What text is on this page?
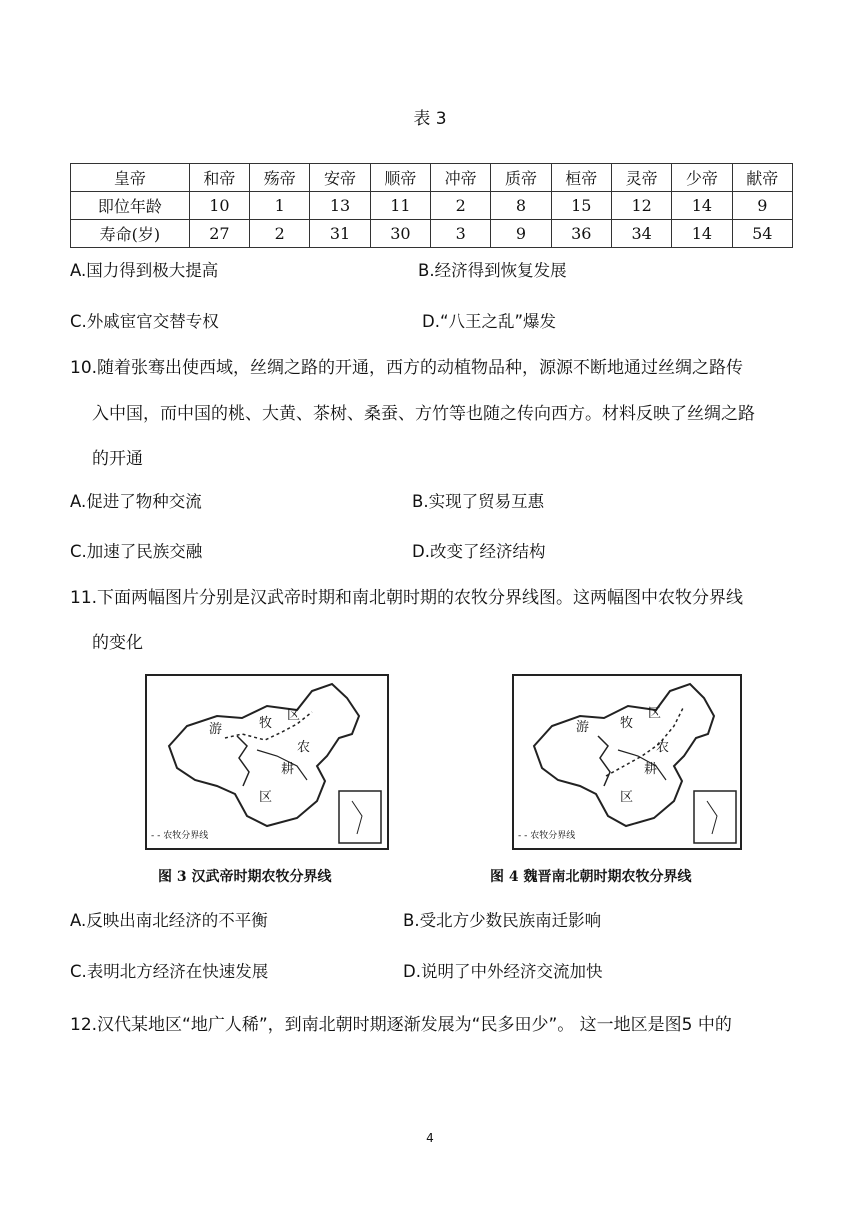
表 3
皇帝	和帝	殇帝	安帝	顺帝	冲帝	质帝	桓帝	灵帝	少帝	献帝
即位年龄	10	1	13	11	2	8	15	12	14	9
寿命(岁)	27	2	31	30	3	9	36	34	14	54
A.国力得到极大提高	B.经济得到恢复发展
C.外戚宦官交替专权	D.“八王之乱”爆发
10.随着张骞出使西域，丝绸之路的开通，西方的动植物品种，源源不断地通过丝绸之路传
入中国，而中国的桃、大黄、茶树、桑蚕、方竹等也随之传向西方。材料反映了丝绸之路
的开通
A.促进了物种交流	B.实现了贸易互惠
C.加速了民族交融	D.改变了经济结构
11.下面两幅图片分别是汉武帝时期和南北朝时期的农牧分界线图。这两幅图中农牧分界线
的变化
游	牧
区
农
耕
区
- - 农牧分界线
图 3 汉武帝时期农牧分界线
游 牧
区
农
耕
区
- - 农牧分界线
图 4 魏晋南北朝时期农牧分界线
A.反映出南北经济的不平衡	B.受北方少数民族南迁影响
C.表明北方经济在快速发展	D.说明了中外经济交流加快
12.汉代某地区“地广人稀”，到南北朝时期逐渐发展为“民多田少”。 这一地区是图5 中的
4
